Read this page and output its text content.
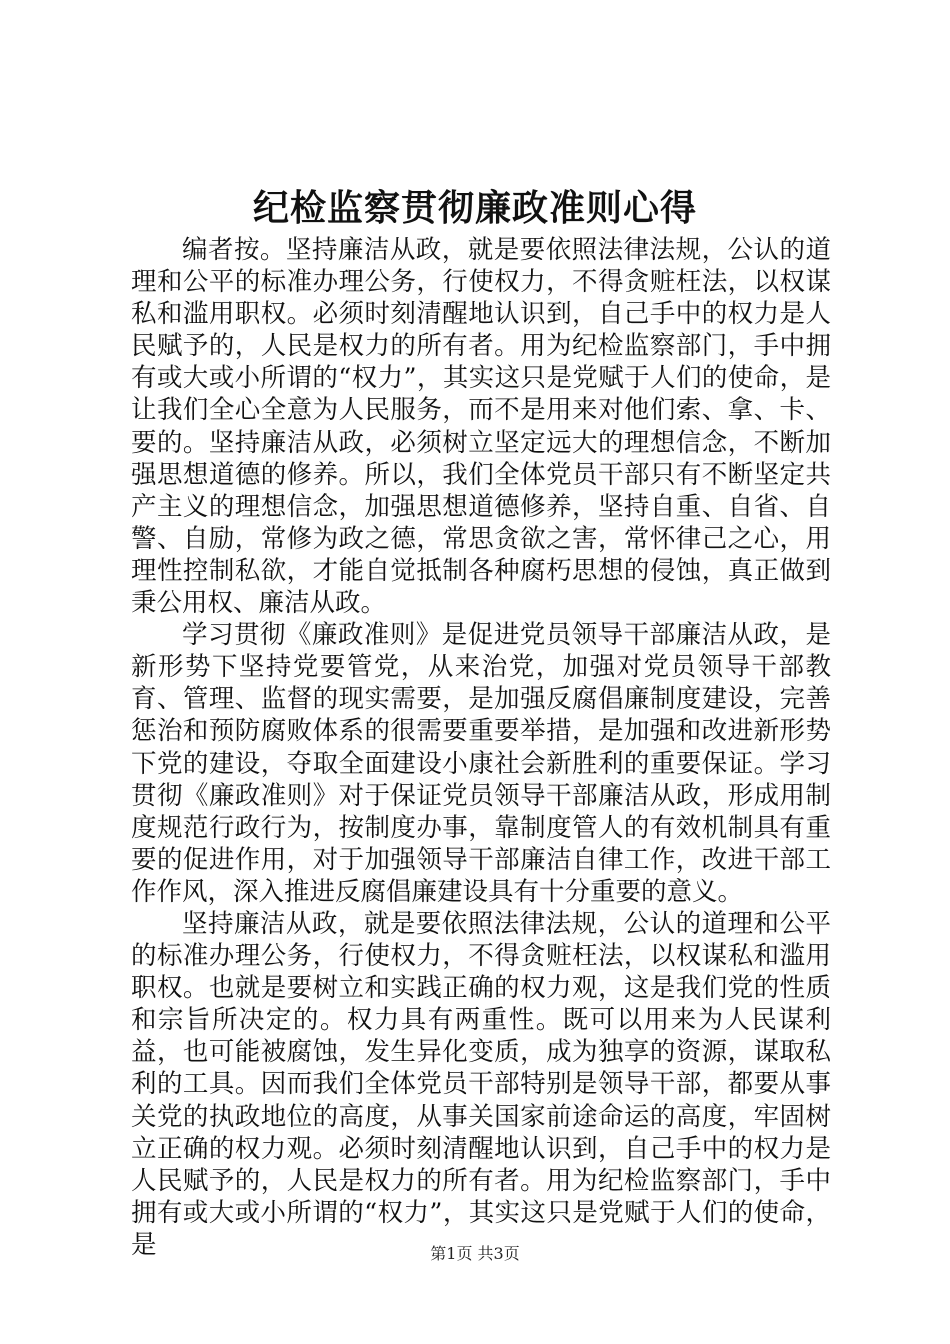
纪检监察贯彻廉政准则心得

编者按。坚持廉洁从政，就是要依照法律法规，公认的道理和公平的标准办理公务，行使权力，不得贪赃枉法，以权谋私和滥用职权。必须时刻清醒地认识到，自己手中的权力是人民赋予的，人民是权力的所有者。用为纪检监察部门，手中拥有或大或小所谓的“权力”，其实这只是党赋于人们的使命，是让我们全心全意为人民服务，而不是用来对他们索、拿、卡、要的。坚持廉洁从政，必须树立坚定远大的理想信念，不断加强思想道德的修养。所以，我们全体党员干部只有不断坚定共产主义的理想信念，加强思想道德修养，坚持自重、自省、自警、自励，常修为政之德，常思贪欲之害，常怀律己之心，用理性控制私欲，才能自觉抵制各种腐朽思想的侵蚀，真正做到秉公用权、廉洁从政。

学习贯彻《廉政准则》是促进党员领导干部廉洁从政，是新形势下坚持党要管党，从来治党，加强对党员领导干部教育、管理、监督的现实需要，是加强反腐倡廉制度建设，完善惩治和预防腐败体系的很需要重要举措，是加强和改进新形势下党的建设，夺取全面建设小康社会新胜利的重要保证。学习贯彻《廉政准则》对于保证党员领导干部廉洁从政，形成用制度规范行政行为，按制度办事，靠制度管人的有效机制具有重要的促进作用，对于加强领导干部廉洁自律工作，改进干部工作作风，深入推进反腐倡廉建设具有十分重要的意义。

坚持廉洁从政，就是要依照法律法规，公认的道理和公平的标准办理公务，行使权力，不得贪赃枉法，以权谋私和滥用职权。也就是要树立和实践正确的权力观，这是我们党的性质和宗旨所决定的。权力具有两重性。既可以用来为人民谋利益，也可能被腐蚀，发生异化变质，成为独享的资源，谋取私利的工具。因而我们全体党员干部特别是领导干部，都要从事关党的执政地位的高度，从事关国家前途命运的高度，牢固树立正确的权力观。必须时刻清醒地认识到，自己手中的权力是人民赋予的，人民是权力的所有者。用为纪检监察部门，手中拥有或大或小所谓的“权力”，其实这只是党赋于人们的使命，是	第1页 共3页
